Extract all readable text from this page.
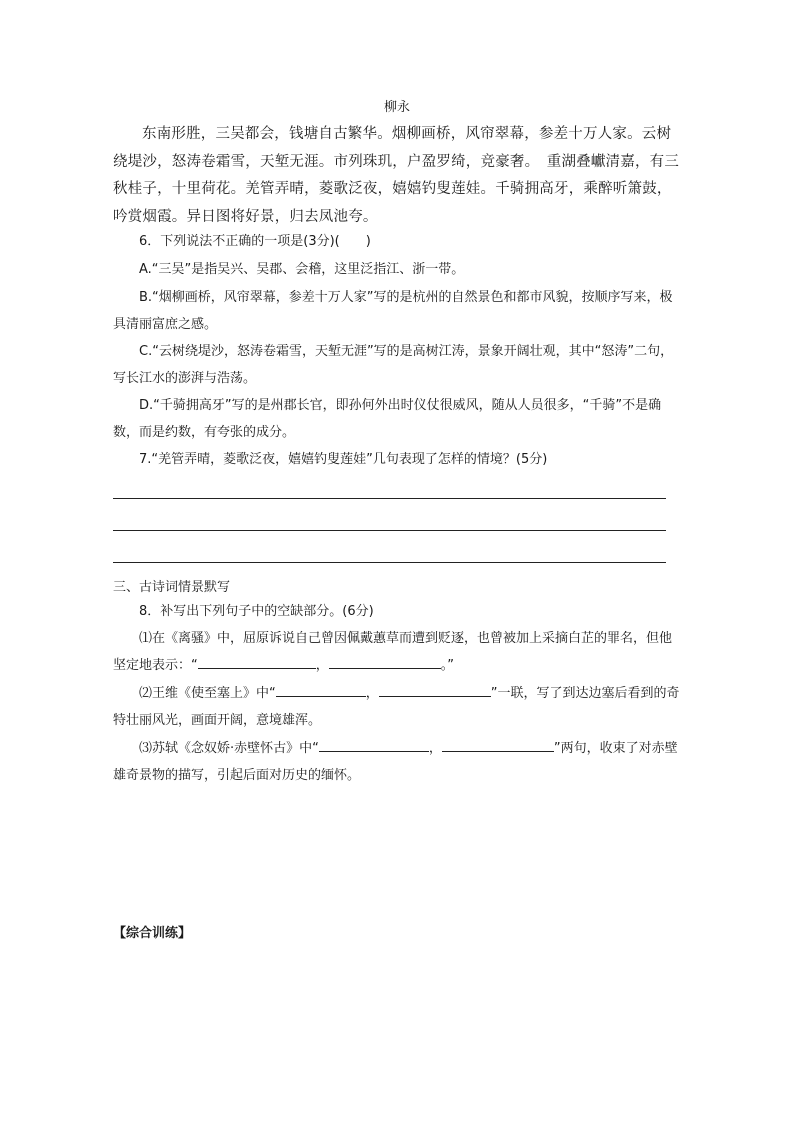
柳永
东南形胜，三吴都会，钱塘自古繁华。烟柳画桥，风帘翠幕，参差十万人家。云树绕堤沙，怒涛卷霜雪，天堑无涯。市列珠玑，户盈罗绮，竞豪奢。　重湖叠巘清嘉，有三秋桂子，十里荷花。羌管弄晴，菱歌泛夜，嬉嬉钓叟莲娃。千骑拥高牙，乘醉听箫鼓，吟赏烟霞。异日图将好景，归去凤池夸。
6．下列说法不正确的一项是(3分)(　　)
A.“三吴”是指吴兴、吴郡、会稽，这里泛指江、浙一带。
B.“烟柳画桥，风帘翠幕，参差十万人家”写的是杭州的自然景色和都市风貌，按顺序写来，极具清丽富庶之感。
C.“云树绕堤沙，怒涛卷霜雪，天堑无涯”写的是高树江涛，景象开阔壮观，其中“怒涛”二句，写长江水的澎湃与浩荡。
D.“千骑拥高牙”写的是州郡长官，即孙何外出时仪仗很威风，随从人员很多，“千骑”不是确数，而是约数，有夸张的成分。
7.“羌管弄晴，菱歌泛夜，嬉嬉钓叟莲娃”几句表现了怎样的情境？(5分)
三、古诗词情景默写
8．补写出下列句子中的空缺部分。(6分)
⑴在《离骚》中，屈原诉说自己曾因佩戴蕙草而遭到贬逐，也曾被加上采摘白芷的罪名，但他坚定地表示：“	，	。”
⑵王维《使至塞上》中“	，	”一联，写了到达边塞后看到的奇特壮丽风光，画面开阔，意境雄浑。
⑶苏轼《念奴娇·赤壁怀古》中“	，	”两句，收束了对赤壁雄奇景物的描写，引起后面对历史的缅怀。
【综合训练】
